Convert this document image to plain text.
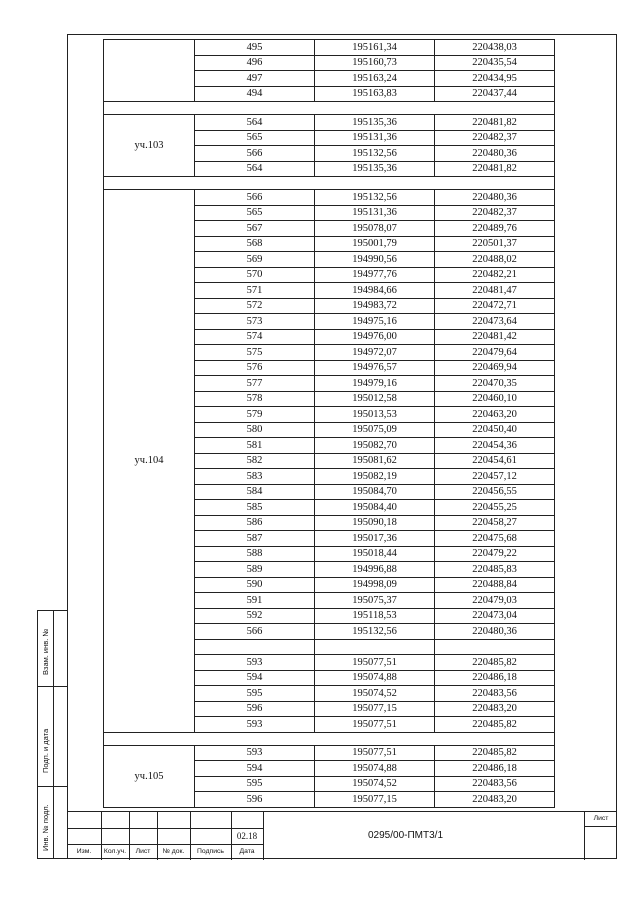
	495	195161,34	220438,03
	496	195160,73	220435,54
	497	195163,24	220434,95
	494	195163,83	220437,44

уч.103	564	195135,36	220481,82
	565	195131,36	220482,37
	566	195132,56	220480,36
	564	195135,36	220481,82

уч.104	566	195132,56	220480,36
	565	195131,36	220482,37
	567	195078,07	220489,76
	568	195001,79	220501,37
	569	194990,56	220488,02
	570	194977,76	220482,21
	571	194984,66	220481,47
	572	194983,72	220472,71
	573	194975,16	220473,64
	574	194976,00	220481,42
	575	194972,07	220479,64
	576	194976,57	220469,94
	577	194979,16	220470,35
	578	195012,58	220460,10
	579	195013,53	220463,20
	580	195075,09	220450,40
	581	195082,70	220454,36
	582	195081,62	220454,61
	583	195082,19	220457,12
	584	195084,70	220456,55
	585	195084,40	220455,25
	586	195090,18	220458,27
	587	195017,36	220475,68
	588	195018,44	220479,22
	589	194996,88	220485,83
	590	194998,09	220488,84
	591	195075,37	220479,03
	592	195118,53	220473,04
	566	195132,56	220480,36

	593	195077,51	220485,82
	594	195074,88	220486,18
	595	195074,52	220483,56
	596	195077,15	220483,20
	593	195077,51	220485,82

уч.105	593	195077,51	220485,82
	594	195074,88	220486,18
	595	195074,52	220483,56
	596	195077,15	220483,20
Взам. инв. №
Подп. и дата
Инв. № подл.	02.18	0295/00-ПМТ3/1
Лист
Изм.	Кол.уч.	Лист	№ док.	Подпись	Дата
